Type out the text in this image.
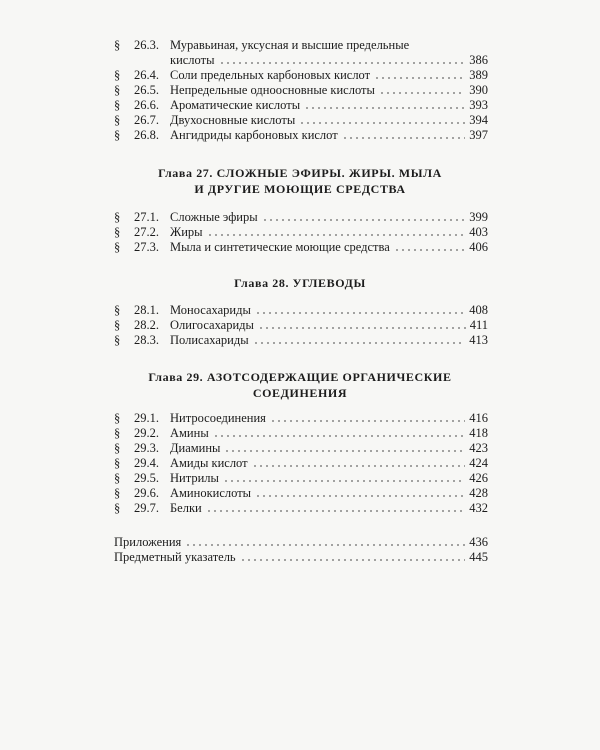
§	26.3. Муравьиная, уксусная и высшие предельные
кислоты	386
§	26.4. Соли предельных карбоновых кислот	389
§	26.5. Непредельные одноосновные кислоты	390
§	26.6. Ароматические кислоты	393
§	26.7. Двухосновные кислоты	394
§	26.8. Ангидриды карбоновых кислот	397
Глава 27. СЛОЖНЫЕ ЭФИРЫ. ЖИРЫ. МЫЛА
И ДРУГИЕ МОЮЩИЕ СРЕДСТВА
§	27.1. Сложные эфиры	399
§	27.2. Жиры	403
§	27.3. Мыла и синтетические моющие средства	406
Глава 28. УГЛЕВОДЫ
§	28.1. Моносахариды	408
§	28.2. Олигосахариды	411
§	28.3. Полисахариды	413
Глава 29. АЗОТСОДЕРЖАЩИЕ ОРГАНИЧЕСКИЕ
СОЕДИНЕНИЯ
§	29.1. Нитросоединения	416
§	29.2. Амины	418
§	29.3. Диамины	423
§	29.4. Амиды кислот	424
§	29.5. Нитрилы	426
§	29.6. Аминокислоты	428
§	29.7. Белки	432
Приложения	436
Предметный указатель	445
